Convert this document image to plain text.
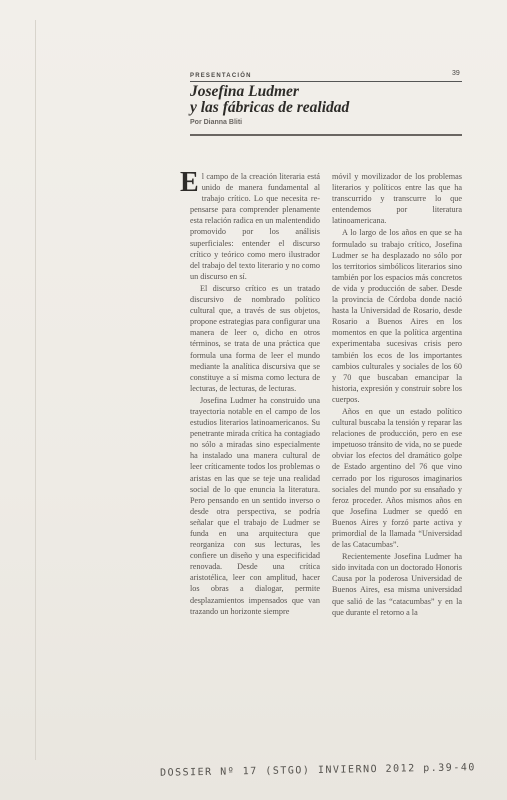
PRESENTACIÓN	39
Josefina Ludmer
y las fábricas de realidad
Por Dianna Bliti

El campo de la creación literaria está unido de manera fundamental al trabajo crítico. Lo que necesita re-pensarse para comprender plenamente esta relación radica en un malentendido promovido por los análisis superficiales: entender el discurso crítico y teórico como mero ilustrador del trabajo del texto literario y no como un discurso en sí.

El discurso crítico es un tratado discursivo de nombrado político cultural que, a través de sus objetos, propone estrategias para configurar una manera de leer o, dicho en otros términos, se trata de una práctica que formula una forma de leer el mundo mediante la analítica discursiva que se constituye a sí misma como lectura de lecturas, de lecturas, de lecturas.

Josefina Ludmer ha construido una trayectoria notable en el campo de los estudios literarios latinoamericanos. Su penetrante mirada crítica ha contagiado no sólo a miradas sino especialmente ha instalado una manera cultural de leer críticamente todos los problemas o aristas en las que se teje una realidad social de lo que enuncia la literatura. Pero pensando en un sentido inverso o desde otra perspectiva, se podría señalar que el trabajo de Ludmer se funda en una arquitectura que reorganiza con sus lecturas, les confiere un diseño y una especificidad renovada. Desde una crítica aristotélica, leer con amplitud, hacer los obras a dialogar, permite desplazamientos impensados que van trazando un horizonte siempre

móvil y movilizador de los problemas literarios y políticos entre las que ha transcurrido y transcurre lo que entendemos por literatura latinoamericana.

A lo largo de los años en que se ha formulado su trabajo crítico, Josefina Ludmer se ha desplazado no sólo por los territorios simbólicos literarios sino también por los espacios más concretos de vida y producción de saber. Desde la provincia de Córdoba donde nació hasta la Universidad de Rosario, desde Rosario a Buenos Aires en los momentos en que la política argentina experimentaba sucesivas crisis pero también los ecos de los importantes cambios culturales y sociales de los 60 y 70 que buscaban emancipar la historia, expresión y construir sobre los cuerpos.

Años en que un estado político cultural buscaba la tensión y reparar las relaciones de producción, pero en ese impetuoso tránsito de vida, no se puede obviar los efectos del dramático golpe de Estado argentino del 76 que vino cerrado por los rigurosos imaginarios sociales del mundo por su ensañado y feroz proceder. Años mismos años en que Josefina Ludmer se quedó en Buenos Aires y forzó parte activa y primordial de la llamada “Universidad de las Catacumbas”.

Recientemente Josefina Ludmer ha sido invitada con un doctorado Honoris Causa por la poderosa Universidad de Buenos Aires, esa misma universidad que salió de las “catacumbas” y en la que durante el retorno a la

DOSSIER Nº 17 (STGO) INVIERNO 2012 p.39-40
